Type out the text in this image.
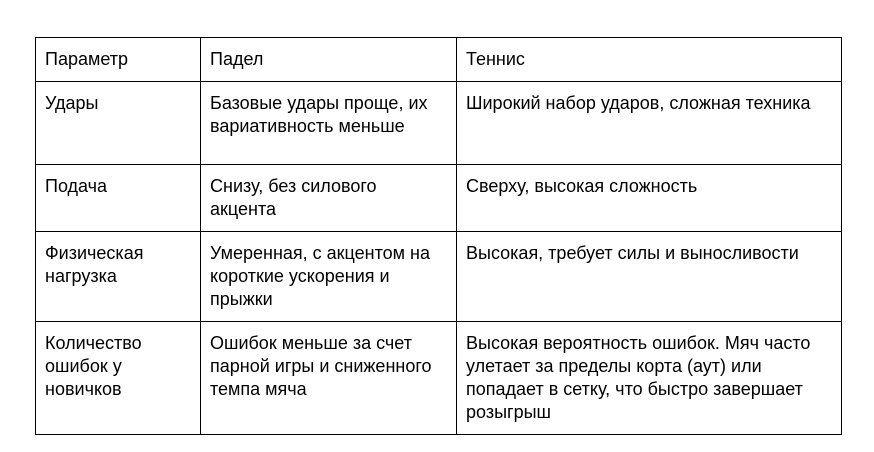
Параметр	Падел	Теннис
Удары	Базовые удары проще, их вариативность меньше	Широкий набор ударов, сложная техника
Подача	Снизу, без силового акцента	Сверху, высокая сложность
Физическая нагрузка	Умеренная, с акцентом на короткие ускорения и прыжки	Высокая, требует силы и выносливости
Количество ошибок у новичков	Ошибок меньше за счет парной игры и сниженного темпа мяча	Высокая вероятность ошибок. Мяч часто улетает за пределы корта (аут) или попадает в сетку, что быстро завершает розыгрыш
